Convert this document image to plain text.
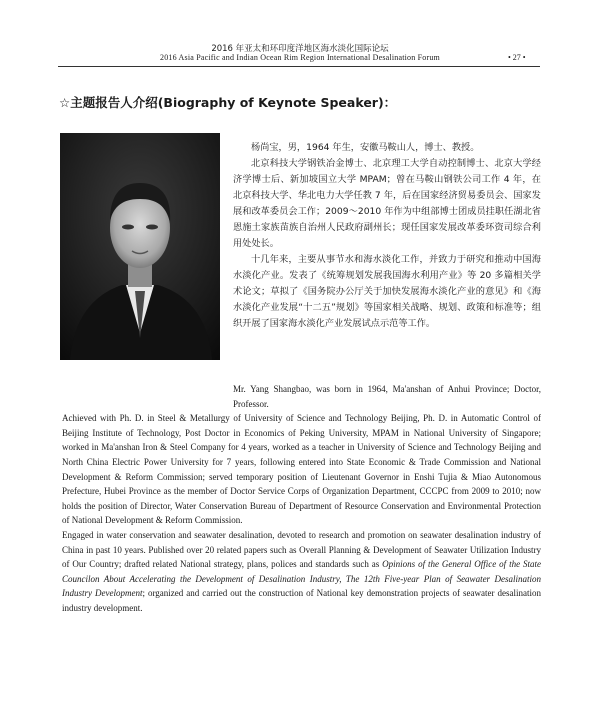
2016 年亚太和环印度洋地区海水淡化国际论坛
2016 Asia Pacific and Indian Ocean Rim Region International Desalination Forum	• 27 •
☆主题报告人介绍(Biography of Keynote Speaker)：

杨尚宝，男，1964 年生，安徽马鞍山人，博士、教授。

北京科技大学钢铁冶金博士、北京理工大学自动控制博士、北京大学经济学博士后、新加坡国立大学 MPAM；曾在马鞍山钢铁公司工作 4 年，在北京科技大学、华北电力大学任教 7 年，后在国家经济贸易委员会、国家发展和改革委员会工作；2009～2010 年作为中组部博士团成员挂职任湖北省恩施土家族苗族自治州人民政府副州长；现任国家发展改革委环资司综合利用处处长。

十几年来，主要从事节水和海水淡化工作，并致力于研究和推动中国海水淡化产业。发表了《统筹规划发展我国海水利用产业》等 20 多篇相关学术论文；草拟了《国务院办公厅关于加快发展海水淡化产业的意见》和《海水淡化产业发展“十二五”规划》等国家相关战略、规划、政策和标准等；组织开展了国家海水淡化产业发展试点示范等工作。

Mr. Yang Shangbao, was born in 1964, Ma'anshan of Anhui Province; Doctor, Professor.

Achieved with Ph. D. in Steel & Metallurgy of University of Science and Technology Beijing, Ph. D. in Automatic Control of Beijing Institute of Technology, Post Doctor in Economics of Peking University, MPAM in National University of Singapore; worked in Ma'anshan Iron & Steel Company for 4 years, worked as a teacher in University of Science and Technology Beijing and North China Electric Power University for 7 years, following entered into State Economic & Trade Commission and National Development & Reform Commission; served temporary position of Lieutenant Governor in Enshi Tujia & Miao Autonomous Prefecture, Hubei Province as the member of Doctor Service Corps of Organization Department, CCCPC from 2009 to 2010; now holds the position of Director, Water Conservation Bureau of Department of Resource Conservation and Environmental Protection of National Development & Reform Commission.

Engaged in water conservation and seawater desalination, devoted to research and promotion on seawater desalination industry of China in past 10 years. Published over 20 related papers such as Overall Planning & Development of Seawater Utilization Industry of Our Country; drafted related National strategy, plans, polices and standards such as Opinions of the General Office of the State Councilon About Accelerating the Development of Desalination Industry, The 12th Five-year Plan of Seawater Desalination Industry Development; organized and carried out the construction of National key demonstration projects of seawater desalination industry development.
